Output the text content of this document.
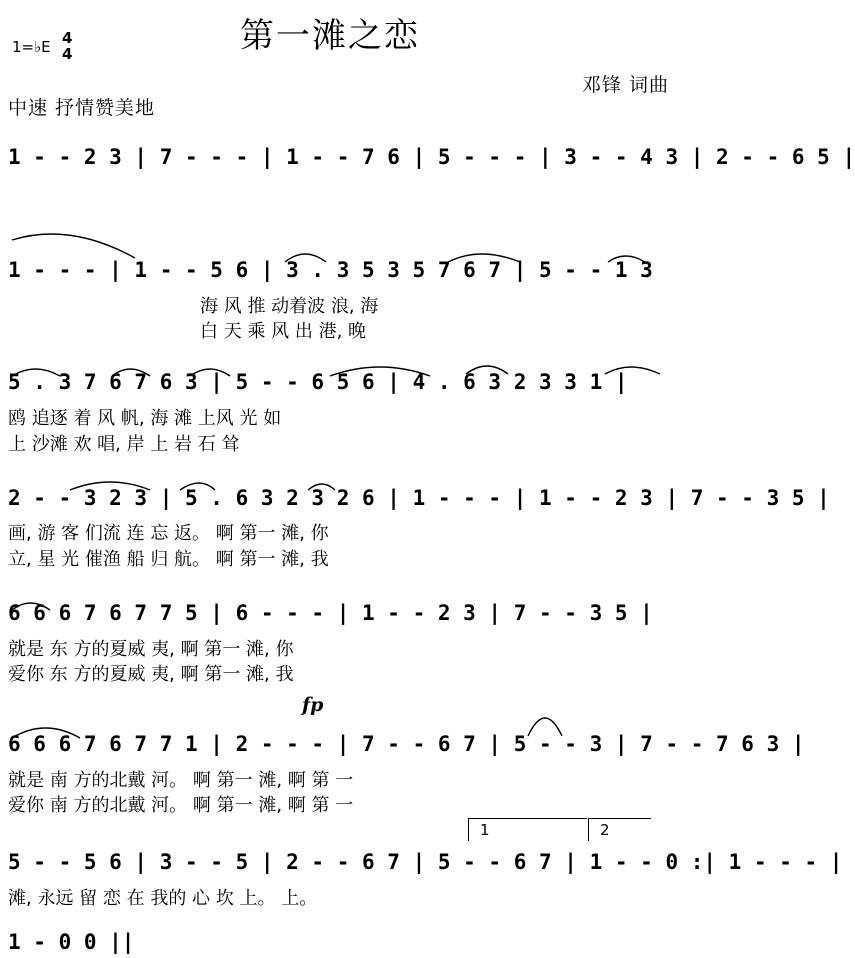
第一滩之恋
1=♭E 4
4
邓锋 词曲
中速 抒情赞美地
1 - - 2 3 | 7 - - - | 1 - - 7 6 | 5 - - - | 3 - - 4 3 | 2 - - 6 5 |
1 - - - | 1 - - 5 6 | 3 . 3 5 3 5 7 6 7 | 5 - - 1 3
海 风 推 动着波 浪, 海
白 天 乘 风 出 港, 晚
5 . 3 7 6 7 6 3 | 5 - - 6 5 6 | 4 . 6 3 2 3 3 1 |
鸥 追逐 着 风 帆, 海 滩 上风 光 如
上 沙滩 欢 唱, 岸 上 岩 石 耸
2 - - 3 2 3 | 5 . 6 3 2 3 2 6 | 1 - - - | 1 - - 2 3 | 7 - - 3 5 |
画, 游 客 们流 连 忘 返。 啊 第一 滩, 你
立, 星 光 催渔 船 归 航。 啊 第一 滩, 我
6 6 6 7 6 7 7 5 | 6 - - - | 1 - - 2 3 | 7 - - 3 5 |
就是 东 方的夏威 夷, 啊 第一 滩, 你
爱你 东 方的夏威 夷, 啊 第一 滩, 我
fp
6 6 6 7 6 7 7 1 | 2 - - - | 7 - - 6 7 | 5 - - 3 | 7 - - 7 6 3 |
就是 南 方的北戴 河。 啊 第一 滩, 啊 第 一
爱你 南 方的北戴 河。 啊 第一 滩, 啊 第 一
1	2
5 - - 5 6 | 3 - - 5 | 2 - - 6 7 | 5 - - 6 7 | 1 - - 0 :| 1 - - - |
滩, 永远 留 恋 在 我的 心 坎 上。 上。
1 - 0 0 ||
